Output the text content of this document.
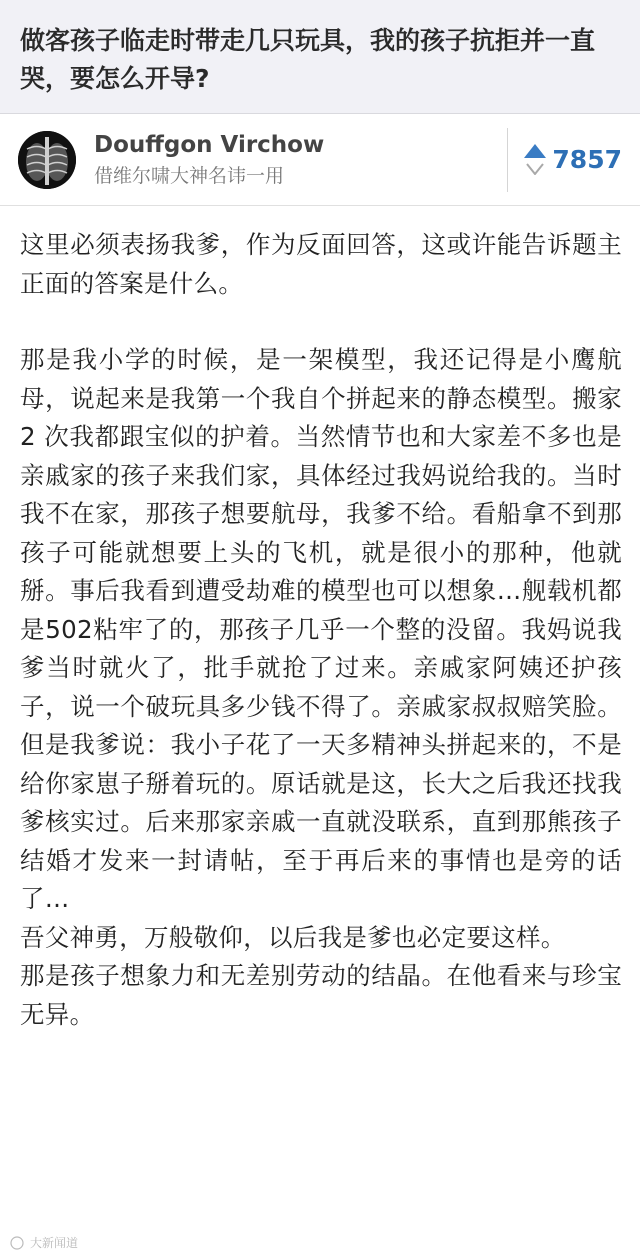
做客孩子临走时带走几只玩具，我的孩子抗拒并一直哭，要怎么开导?
Douffgon Virchow
借维尔啸大神名讳一用
7857

这里必须表扬我爹，作为反面回答，这或许能告诉题主正面的答案是什么。

那是我小学的时候，是一架模型，我还记得是小鹰航母，说起来是我第一个我自个拼起来的静态模型。搬家2 次我都跟宝似的护着。当然情节也和大家差不多也是亲戚家的孩子来我们家，具体经过我妈说给我的。当时我不在家，那孩子想要航母，我爹不给。看船拿不到那孩子可能就想要上头的飞机，就是很小的那种，他就掰。事后我看到遭受劫难的模型也可以想象…舰载机都是502粘牢了的，那孩子几乎一个整的没留。我妈说我爹当时就火了，批手就抢了过来。亲戚家阿姨还护孩子，说一个破玩具多少钱不得了。亲戚家叔叔赔笑脸。但是我爹说：我小子花了一天多精神头拼起来的，不是给你家崽子掰着玩的。原话就是这，长大之后我还找我爹核实过。后来那家亲戚一直就没联系，直到那熊孩子结婚才发来一封请帖，至于再后来的事情也是旁的话了…

吾父神勇，万般敬仰，以后我是爹也必定要这样。

那是孩子想象力和无差别劳动的结晶。在他看来与珍宝无异。

大新闻道
